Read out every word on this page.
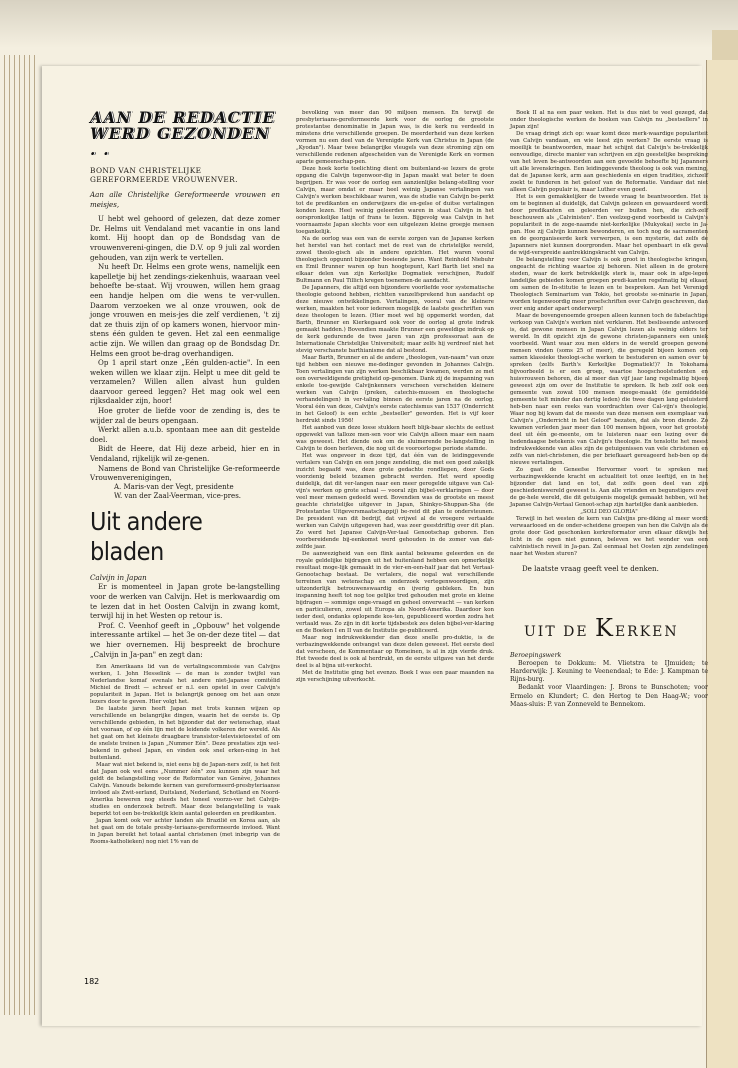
AAN DE REDACTIE WERD GEZONDEN . .
BOND VAN CHRISTELIJKE GEREFORMEERDE VROUWENVER.

Aan alle Christelijke Gereformeerde vrouwen en meisjes,

U hebt wel gehoord of gelezen, dat deze zomer Dr. Helms uit Vendaland met vacantie in ons land komt. Hij hoopt dan op de Bondsdag van de vrouwenvereni-gingen, die D.V. op 9 juli zal worden gehouden, van zijn werk te vertellen.

Nu heeft Dr. Helms een grote wens, namelijk een kapelletje bij het zendings-ziekenhuis, waaraan veel behoefte be-staat. Wij vrouwen, willen hem graag een handje helpen om die wens te ver-vullen. Daarom verzoeken we al onze vrouwen, ook de jonge vrouwen en meis-jes die zelf verdienen, 't zij dat ze thuis zijn of op kamers wonen, hiervoor min-stens één gulden te geven. Het zal een eenmalige actie zijn. We willen dan graag op de Bondsdag Dr. Helms een groot be-drag overhandigen.

Op 1 april start onze „Eén gulden-actie". In een weken willen we klaar zijn. Helpt u mee dit geld te verzamelen? Willen allen alvast hun gulden daarvoor gereed leggen? Het mag ook wel een rijksdaalder zijn, hoor!

Hoe groter de liefde voor de zending is, des te wijder zal de beurs opengaan.

Werkt allen a.u.b. spontaan mee aan dit gestelde doel.

Bidt de Heere, dat Hij deze arbeid, hier en in Vendaland, rijkelijk wil ze-genen.

Namens de Bond van Christelijke Ge-reformeerde Vrouwenverenigingen,

A. Maris-van der Vegt, presidente
W. van der Zaal-Veerman, vice-pres.
Uit andere bladen

Calvijn in Japan

Er is momenteel in Japan grote be-langstelling voor de werken van Calvijn. Het is merkwaardig om te lezen dat in het Oosten Calvijn in zwang komt, terwijl hij in het Westen op retour is.

Prof. C. Veenhof geeft in „Opbouw" het volgende interessante artikel — het 3e on-der deze titel — dat we hier overnemen. Hij bespreekt de brochure „Calvijn in Ja-pan" en zegt dan:

Een Amerikaans lid van de vertalingscommissie van Calvijns werken, I. John Hesselink — de man is zonder twijfel van Nederlandse komaf evenals het andere niet-Japanse comitélid Michiel de Bredt — schreef er n.l. een opstel in over Calvijn's populariteit in Japan. Het is belangrijk genoeg om het aan onze lezers door te geven. Hier volgt het.

De laatste jaren heeft Japan met trots kunnen wijzen op verschillende en belangrijke dingen, waarin het de eerste is. Op verschillende gebieden, in het bijzonder dat der wetenschap, staat het vooraan, of op één lijn met de leidende volkeren der wereld. Als het gaat om het kleinste draagbare transistor-televisietoestel of om de snelste treinen is Japan „Nummer Eén". Deze prestaties zijn wel-bekend in geheel Japan, en vinden ook snel erken-ning in het buitenland.

Maar wat niet bekend is, niet eens bij de Japan-ners zelf, is het feit dat Japan ook wel eens „Nummer één" zou kunnen zijn waar het geldt de belangstelling voor de Reformator van Genève, Johannes Calvijn. Vanouds bekende kernen van gereformeerd-presbyteriaanse invloed als Zwit-serland, Duitsland, Nederland, Schotland en Noord-Amerika beweren nog steeds het toneel voorzo-ver het Calvijn-studies en onderzoek betreft. Maar deze belangstelling is vaak beperkt tot een be-trekkelijk klein aantal geleerden en predikanten.

Japan komt ook ver achter landen als Brazilië en Korea aan, als het gaat om de totale presby-teriaans-gereformeerde invloed. Want in Japan bereikt het totaal aantal christenen (met inbegrip van de Rooms-katholieken) nog niet 1% van de

bevolking van meer dan 90 miljoen mensen. En terwijl de presbyteriaans-gereformeerde kerk voor de oorlog de grootste protestantse denominatie in Japan was, is die kerk nu verdeeld in minstens drie verschillende groepen. De meerderheid van deze kerken vormen nu een deel van de Verenigde Kerk van Christus in Japan (de „Kyodan"). Maar twee belangrijke vleugels van deze stroming zijn om verschillende redenen afgescheiden van de Verenigde Kerk en vormen aparte gemeenschap-pen.

Deze hoek korte toelichting dient om buitenland-se lezers de grote opgang die Calvijn tegenwoor-dig in Japan maakt wat beter te doen begrijpen. Er was voor de oorlog een aanzienlijke belang-stelling voor Calvijn, maar omdat er maar heel weinig Japanse vertalingen van Calvijn's werken beschikbaar waren, was de studie van Calvijn be-perkt tot de predikanten en onderwijzers die en-gelse of duitse vertalingen konden lezen. Heel weinig geleerden waren in staat Calvijn in het oorspronkelijke latijn of frans te lezen. Bijgevolg was Calvijn in het voornaamste Japan slechts voor een uitgelezen kleine groepje mensen toegankelijk.

Na de oorlog was een van de eerste zorgen van de Japanse kerken het herstel van het contact met de rest van de christelijke wereld, zowel theolo-gisch als in andere opzichten. Het waren vooral theologisch opgunnt bijzonder boeiende jaren. Want Reinhold Niebuhr en Emil Brunner waren op hun hoogtepunt, Karl Barth liet snel na elkaar delen van zijn Kerkelijke Dogmatiek verschijnen, Rudolf Bultmann en Paul Tillich kregen toenemen-de aandacht.

De Japanners, die altijd een bijzondere voorliefde voor systematische theologie getoond hebben, richtten vanzelfsprekend hun aandacht op deze nieuwe ontwikkelingen. Vertalingen, vooral van de kleinere werken, maakten het voor iedereen mogelijk de laatste geschriften van deze theologen te lezen. (Hier moet wel bij opgemerkt worden, dat Barth, Brunner en Kierkegaard ook voor de oorlog al grote indruk gemaakt hadden.) Bovendien maakte Brunner een geweldige indruk op de kerk gedurende de twee jaren van zijn professoraat aan de Internationale Christelijke Universiteit; maar zelfs hij verdreef niet het stevig verschanste barthianisme dat al bestond.

Maar Barth, Brunner en al de andere „theologen, van-naam" van onze tijd hebben een nieuwe me-dedinger gevonden in Johannes Calvijn. Toen vertalingen van zijn werken beschikbaar kwamen, werden ze met een overweldigende gretigheid op-genomen. Dank zij de inspanning van enkele toe-gewijde Calvijnkenners verscheen verscheiden kleinere werken van Calvijn (preken, catechis-mussen en theologische verhandelingen) in ver-taling binnen de eerste jaren na de oorlog. Vooral één van deze, Calvijn's eerste catechismus van 1537 (Onderricht in het Geloof) is een echte „bestseller" geworden. Het is vijf keer herdrukt sinds 1956!

Het aanbod van deze losse stukken heeft blijk-baar slechts de eetlust opgewekt van talloze men-sen voor wie Calvijn alleen maar een naam was geweest. Het diende ook om de sluimerende be-langstelling in Calvijn te doen herleven, die nog uit de vooroorlogse periode stamde.

Het was ongeveer in deze tijd, dat één van de leidinggevende vertalers van Calvijn en een jonge zendeling, die met een goed zakelijk inzicht begaafd was, deze grote gedachte rondliepen, door Gods voorzienig beleid tezamen gebracht werden. Het werd spoedig duidelijk, dat dit ver-langen naar een meer geregelde uitgave van Cal-vijn's werken op grote schaal — vooral zijn bijbel-verklaringen — door veel meer mensen gedeeld werd. Bovendien was de grootste en meest geachte christelijke uitgever in Japan, Shinkyo-Shuppan-Sha (de Protestantse Uitgeversmaatschappij) be-reid dit plan te ondersteunen. De president van dit bedrijf, dat vrijwel al de vroegere vertaalde werken van Calvijn uitgegeven had, was zeer geestdriftig over dit plan. Zo werd het Japanse Calvijn-Ver-taal Genootschap geboren. Een voorbereidende bij-eenkomst werd gehouden in de zomer van dat-zelfde jaar.

De aanwezigheid van een flink aantal bekwame geleerden en de royale geldelijke bijdragen uit het buitenland hebben een opmerkelijk resultaat moge-lijk gemaakt in de vier-en-een-half jaar dat het Vertaal-Genootschap bestaat. De vertalers, die nogal wat verschillende terreinen van wetenschap en onderzoek vertegenwoordigen, zijn uitzonderlijk betrouwenswaardig en ijverig gebleken. En hun inspanning heeft tot nog toe gelijke tred gehouden met grote en kleine bijdragen — sommige onge-vraagd en geheel onverwacht — van kerken en particulieren, zowel uit Europa als Noord-Amerika. Daardoor kon ieder deel, ondanks oplopende kos-ten, gepubliceerd worden zodra het vertaald was. Zo zijn in dit korte tijdsbestek zes delen bijbel-ver-klaring en de Boeken I en II van de Institutie ge-publiceerd.

Maar nog indrukwekkender dan deze snelle pro-duktie, is de verbazingwekkende ontvangst van deze delen geweest. Het eerste deel dat verscheen, de Kommentaar op Romeinen, is al in zijn vierde druk. Het tweede deel is ook al herdrukt, en de eerste uitgave van het derde deel is al bijna uit-verkocht.

Met de Institutie ging het evenzo. Boek I was een paar maanden na zijn verschijning uitverkocht.

Boek II al na een paar weken. Het is dus niet te veel gezegd, dat onder theologische werken de boeken van Calvijn nu „bestsellers" in Japan zijn!

De vraag dringt zich op: waar komt deze merk-waardige populariteit van Calvijn vandaan, en wie leest zijn werken? De eerste vraag is moeilijk te beantwoorden, maar het schijnt dat Calvijn's be-trekkelijk eenvoudige, directe manier van schrijven en zijn geestelijke bespreking van het leven be-antwoorden aan een gevoelde behoefte bij Japanners uit alle levenskringen. Een leidinggevende theoloog is ook van mening, dat de Japanse kerk, arm aan geschiedenis en eigen tradities, zichzelf zoekt te funderen in het geloof van de Reformatie. Vandaar dat niet alleen Calvijn populair is, maar Luther even goed.

Het is een gemakkelijker de tweede vraag te beantwoorden. Het is om te beginnen al duidelijk, dat Calvijn gelezen en gewaardeerd wordt door predikanten en geleerden ver buiten hen, die zich-zelf beschouwen als „Calvinisten". Een veelzeg-gend voorbeeld is Calvijn's populariteit in de zoge-naamde niet-kerkelijke (Mukyokai) secte in Ja-pan. Hoe zij Calvijn kunnen bewonderen, en toch nog de sacramenten en de georganiseerde kerk verwerpen, is een mysterie, dat zelfs de Japanners niet kunnen doorgronden. Maar het openbaart in elk geval de wijd-verspreide aantrekkingskracht van Calvijn.

De belangstelling voor Calvijn is ook groot in theologische kringen, ongeacht de richting waartoe zij behoren. Niet alleen in de grotere steden, waar de kerk betrekkelijk sterk is, maar ook in afge-legen landelijke gebieden komen groepen predi-kanten regelmatig bij elkaar, om samen de In-stitutie te lezen en te bespreken. Aan het Verenigd Theologisch Seminarium van Tokio, het grootste se-minarie in Japan, worden tegenwoordig meer proefschriften over Calvijn geschreven, dan over enig ander apart onderwerp!

Maar de bovengenoemde groepen alleen kunnen toch de fabelachtige verkoop van Calvijn's werken niet verklaren. Het beslissende antwoord is, dat gewone mensen in Japan Calvijn lezen als weinig elders ter wereld. In dit opzicht zijn de gewone christen-japanners een uniek voorbeeld. Want waar zou men elders in de wereld groepen gewone mensen vinden (soms 25 of meer), die geregeld bijeen komen om samen klassieke theologi-sche werken te bestuderen en samen over te spreken (zelfs Barth's Kerkelijke Dogmatiek!)? In Yokohama bijvoorbeeld is er een groep, waartoe hoogschoolstudenten en huisvrouwen behoren, die al meer dan vijf jaar lang regelmatig bijeen geweest zijn om over de Institutie te spreken. Ik heb zelf ook een gemeente van zowat 100 mensen meege-maakt (de gemiddelde gemeente telt minder dan dertig leden) die twee dagen lang geluisterd heb-ben naar een reeks van voordrachten over Cal-vijn's theologie. Waar nog bij kwam dat de meeste van deze mensen een exemplaar van Calvijn's „Onderricht in het Geloof" bezaten, dat als bron diende. Zo kwamen verleden jaar meer dan 100 mensen bijeen, voor het grootste deel uit één ge-meente, om te luisteren naar een lezing over de hedendaagse betekenis van Calvijn's theologie. En tenslotte het meest indrukwekkende van alles zijn de getuigenissen van vele christenen en zelfs van niet-christenen, die per briefkaart gereageerd heb-ben op de nieuwe vertalingen.

Zo gaat de Geneefse Hervormer voort te spreken met verbazingwekkende kracht en actualiteit tot onze leeftijd, en in het bijzonder dat land en tot, dat zelfs geen deel van zijn geschiedeniswereld geweest is. Aan alle vrienden en begunstigers over de ge-hele wereld, die dit getuigenis mogelijk gemaakt hebben, wil het Japanse Calvijn-Vertaal Genoot-schap zijn hartelijke dank aanbieden.

„SOLI DEO GLORIA"

Terwijl in het westen de kern van Calvijns pre-diking al meer wordt verwaarloosd en de onder-scheidene groepen van hen die Calvijn als de grote door God geschonken kerkreformator eren elkaar dikwijls het licht in de ogen niet gunnen, beleven we het wonder van een calvinistisch reveil in Ja-pan. Zal eenmaal het Oosten zijn zendelingen naar het Westen sturen?

De laatste vraag geeft veel te denken.
UIT DE KERKEN

Beroepingswerk

Beroepen te Dokkum: M. Vlietstra te IJmuiden; te Harderwijk: J. Keuning te Veenendaal; te Ede: J. Kampman te Rijns-burg.

Bedankt voor Vlaardingen: J. Brons te Bunschoten; voor Ermelo en Klundert; C. den Hertog te Den Haag-W.; voor Maas-sluis: P. van Zonneveld te Bennekom.

182
